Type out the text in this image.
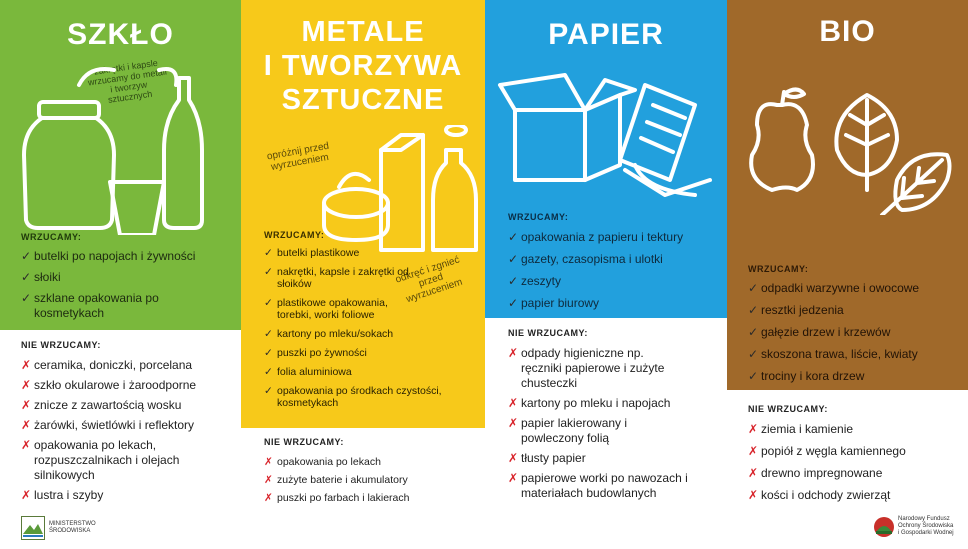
SZKŁO
zakrętki i kapsle wrzucamy do metali i tworzyw sztucznych
WRZUCAMY:
✓ butelki po napojach i żywności
✓ słoiki
✓ szklane opakowania po kosmetykach
NIE WRZUCAMY:
✗ ceramika, doniczki, porcelana
✗ szkło okularowe i żaroodporne
✗ znicze z zawartością wosku
✗ żarówki, świetlówki i reflektory
✗ opakowania po lekach, rozpuszczalnikach i olejach silnikowych
✗ lustra i szyby
MINISTERSTWO
ŚRODOWISKA
METALE
I TWORZYWA
SZTUCZNE
opróżnij przed wyrzuceniem
odkręć i zgnieć przed wyrzuceniem
WRZUCAMY:
✓ butelki plastikowe
✓ nakrętki, kapsle i zakrętki od słoików
✓ plastikowe opakowania, torebki, worki foliowe
✓ kartony po mleku/sokach
✓ puszki po żywności
✓ folia aluminiowa
✓ opakowania po środkach czystości, kosmetykach
NIE WRZUCAMY:
✗ opakowania po lekach
✗ zużyte baterie i akumulatory
✗ puszki po farbach i lakierach
PAPIER
WRZUCAMY:
✓ opakowania z papieru i tektury
✓ gazety, czasopisma i ulotki
✓ zeszyty
✓ papier biurowy
NIE WRZUCAMY:
✗ odpady higieniczne np. ręczniki papierowe i zużyte chusteczki
✗ kartony po mleku i napojach
✗ papier lakierowany i powleczony folią
✗ tłusty papier
✗ papierowe worki po nawozach i materiałach budowlanych
BIO
WRZUCAMY:
✓ odpadki warzywne i owocowe
✓ resztki jedzenia
✓ gałęzie drzew i krzewów
✓ skoszona trawa, liście, kwiaty
✓ trociny i kora drzew
NIE WRZUCAMY:
✗ ziemia i kamienie
✗ popiół z węgla kamiennego
✗ drewno impregnowane
✗ kości i odchody zwierząt
Narodowy Fundusz
Ochrony Środowiska
i Gospodarki Wodnej
